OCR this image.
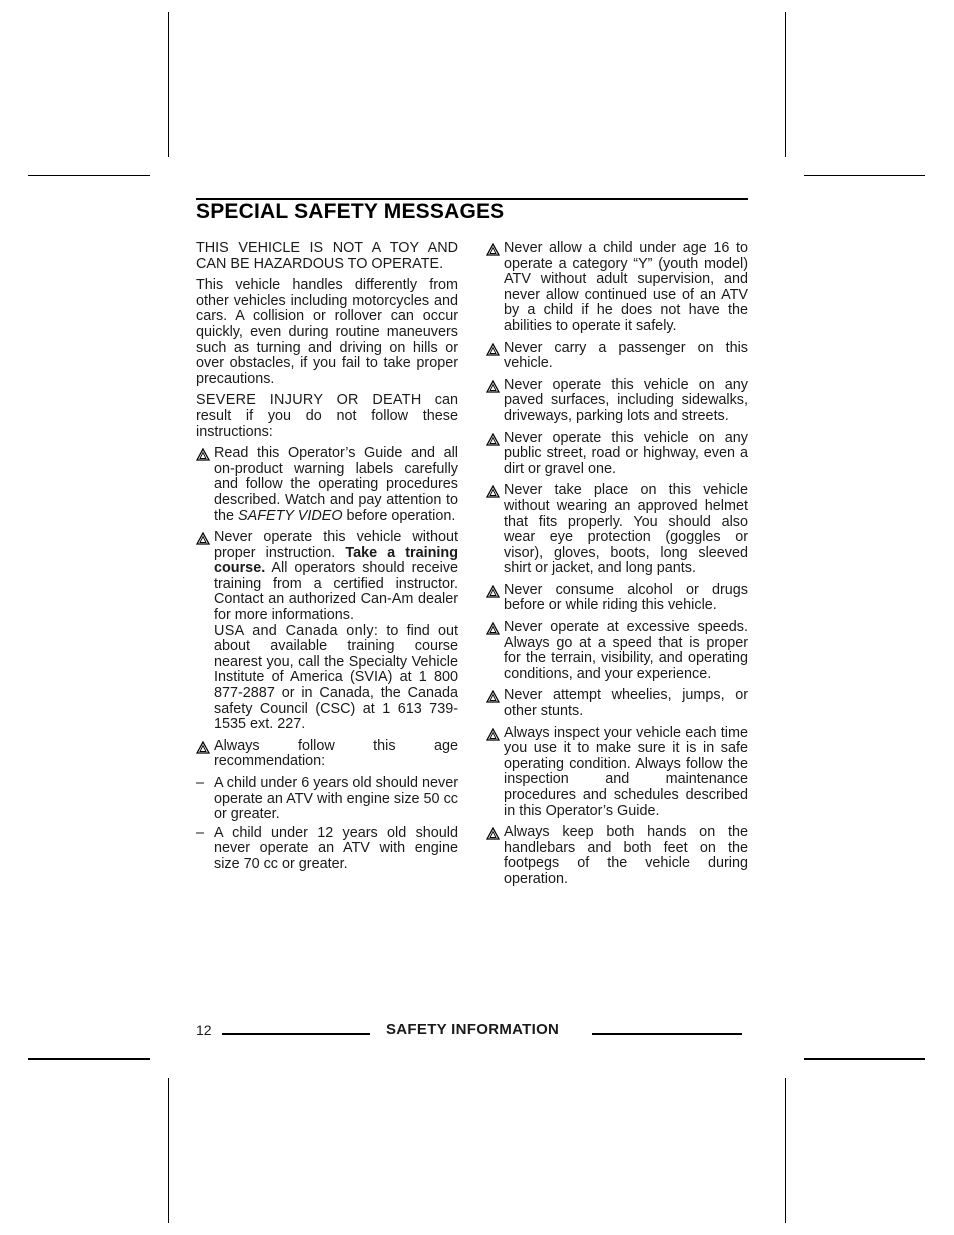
SPECIAL SAFETY MESSAGES

THIS VEHICLE IS NOT A TOY AND CAN BE HAZARDOUS TO OPERATE.

This vehicle handles differently from other vehicles including motorcycles and cars. A collision or rollover can occur quickly, even during routine maneuvers such as turning and driving on hills or over obstacles, if you fail to take proper precautions.

SEVERE INJURY OR DEATH can result if you do not follow these instructions:

Read this Operator’s Guide and all on-product warning labels carefully and follow the operating procedures described. Watch and pay attention to the SAFETY VIDEO before operation.
Never operate this vehicle without proper instruction. Take a training course. All operators should receive training from a certified instructor. Contact an authorized Can-Am dealer for more informations.
USA and Canada only: to find out about available training course nearest you, call the Specialty Vehicle Institute of America (SVIA) at 1 800 877-2887 or in Canada, the Canada safety Council (CSC) at 1 613 739-1535 ext. 227.
Always follow this age recommendation:
– A child under 6 years old should never operate an ATV with engine size 50 cc or greater.
– A child under 12 years old should never operate an ATV with engine size 70 cc or greater.
Never allow a child under age 16 to operate a category “Y” (youth model) ATV without adult supervision, and never allow continued use of an ATV by a child if he does not have the abilities to operate it safely.
Never carry a passenger on this vehicle.
Never operate this vehicle on any paved surfaces, including sidewalks, driveways, parking lots and streets.
Never operate this vehicle on any public street, road or highway, even a dirt or gravel one.
Never take place on this vehicle without wearing an approved helmet that fits properly. You should also wear eye protection (goggles or visor), gloves, boots, long sleeved shirt or jacket, and long pants.
Never consume alcohol or drugs before or while riding this vehicle.
Never operate at excessive speeds. Always go at a speed that is proper for the terrain, visibility, and operating conditions, and your experience.
Never attempt wheelies, jumps, or other stunts.
Always inspect your vehicle each time you use it to make sure it is in safe operating condition. Always follow the inspection and maintenance procedures and schedules described in this Operator’s Guide.
Always keep both hands on the handlebars and both feet on the footpegs of the vehicle during operation.
12	SAFETY INFORMATION
